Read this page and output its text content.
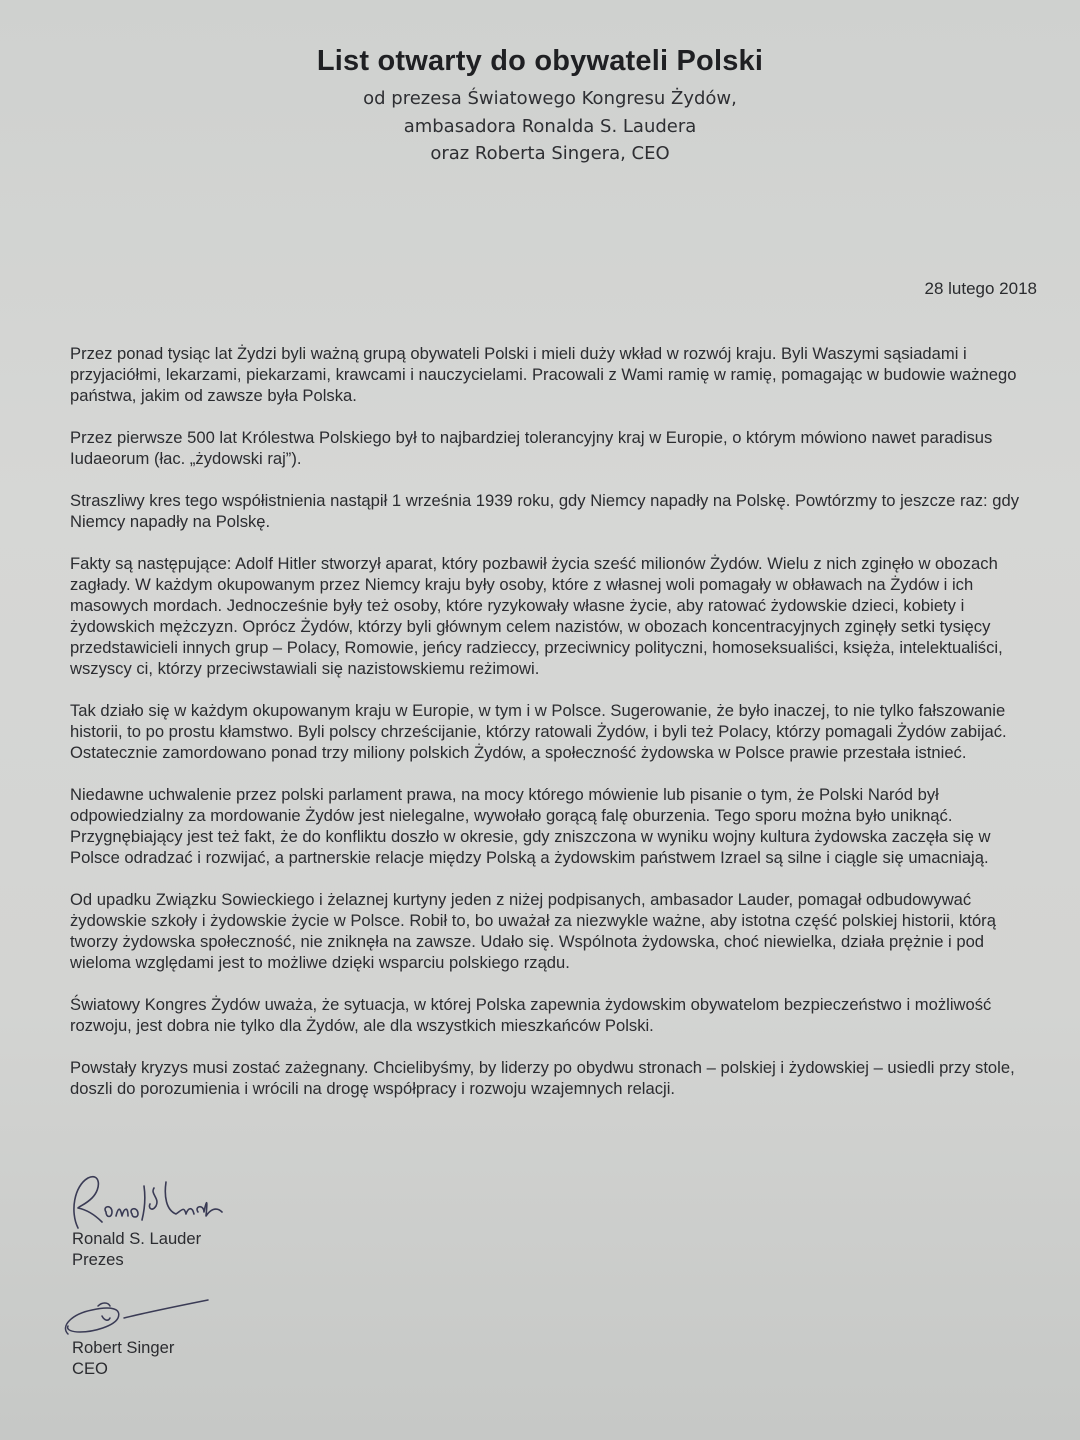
List otwarty do obywateli Polski
od prezesa Światowego Kongresu Żydów,
ambasadora Ronalda S. Laudera
oraz Roberta Singera, CEO
28 lutego 2018

Przez ponad tysiąc lat Żydzi byli ważną grupą obywateli Polski i mieli duży wkład w rozwój kraju. Byli Waszymi sąsiadami i przyjaciółmi, lekarzami, piekarzami, krawcami i nauczycielami. Pracowali z Wami ramię w ramię, pomagając w budowie ważnego państwa, jakim od zawsze była Polska.

Przez pierwsze 500 lat Królestwa Polskiego był to najbardziej tolerancyjny kraj w Europie, o którym mówiono nawet paradisus Iudaeorum (łac. „żydowski raj”).

Straszliwy kres tego współistnienia nastąpił 1 września 1939 roku, gdy Niemcy napadły na Polskę. Powtórzmy to jeszcze raz: gdy Niemcy napadły na Polskę.

Fakty są następujące: Adolf Hitler stworzył aparat, który pozbawił życia sześć milionów Żydów. Wielu z nich zginęło w obozach zagłady. W każdym okupowanym przez Niemcy kraju były osoby, które z własnej woli pomagały w obławach na Żydów i ich masowych mordach. Jednocześnie były też osoby, które ryzykowały własne życie, aby ratować żydowskie dzieci, kobiety i żydowskich mężczyzn. Oprócz Żydów, którzy byli głównym celem nazistów, w obozach koncentracyjnych zginęły setki tysięcy przedstawicieli innych grup – Polacy, Romowie, jeńcy radzieccy, przeciwnicy polityczni, homoseksualiści, księża, intelektualiści, wszyscy ci, którzy przeciwstawiali się nazistowskiemu reżimowi.

Tak działo się w każdym okupowanym kraju w Europie, w tym i w Polsce. Sugerowanie, że było inaczej, to nie tylko fałszowanie historii, to po prostu kłamstwo. Byli polscy chrześcijanie, którzy ratowali Żydów, i byli też Polacy, którzy pomagali Żydów zabijać. Ostatecznie zamordowano ponad trzy miliony polskich Żydów, a społeczność żydowska w Polsce prawie przestała istnieć.

Niedawne uchwalenie przez polski parlament prawa, na mocy którego mówienie lub pisanie o tym, że Polski Naród był odpowiedzialny za mordowanie Żydów jest nielegalne, wywołało gorącą falę oburzenia. Tego sporu można było uniknąć. Przygnębiający jest też fakt, że do konfliktu doszło w okresie, gdy zniszczona w wyniku wojny kultura żydowska zaczęła się w Polsce odradzać i rozwijać, a partnerskie relacje między Polską a żydowskim państwem Izrael są silne i ciągle się umacniają.

Od upadku Związku Sowieckiego i żelaznej kurtyny jeden z niżej podpisanych, ambasador Lauder, pomagał odbudowywać żydowskie szkoły i żydowskie życie w Polsce. Robił to, bo uważał za niezwykle ważne, aby istotna część polskiej historii, którą tworzy żydowska społeczność, nie zniknęła na zawsze. Udało się. Wspólnota żydowska, choć niewielka, działa prężnie i pod wieloma względami jest to możliwe dzięki wsparciu polskiego rządu.

Światowy Kongres Żydów uważa, że sytuacja, w której Polska zapewnia żydowskim obywatelom bezpieczeństwo i możliwość rozwoju, jest dobra nie tylko dla Żydów, ale dla wszystkich mieszkańców Polski.

Powstały kryzys musi zostać zażegnany. Chcielibyśmy, by liderzy po obydwu stronach – polskiej i żydowskiej – usiedli przy stole, doszli do porozumienia i wrócili na drogę współpracy i rozwoju wzajemnych relacji.

Ronald S. Lauder
Prezes
Robert Singer
CEO
